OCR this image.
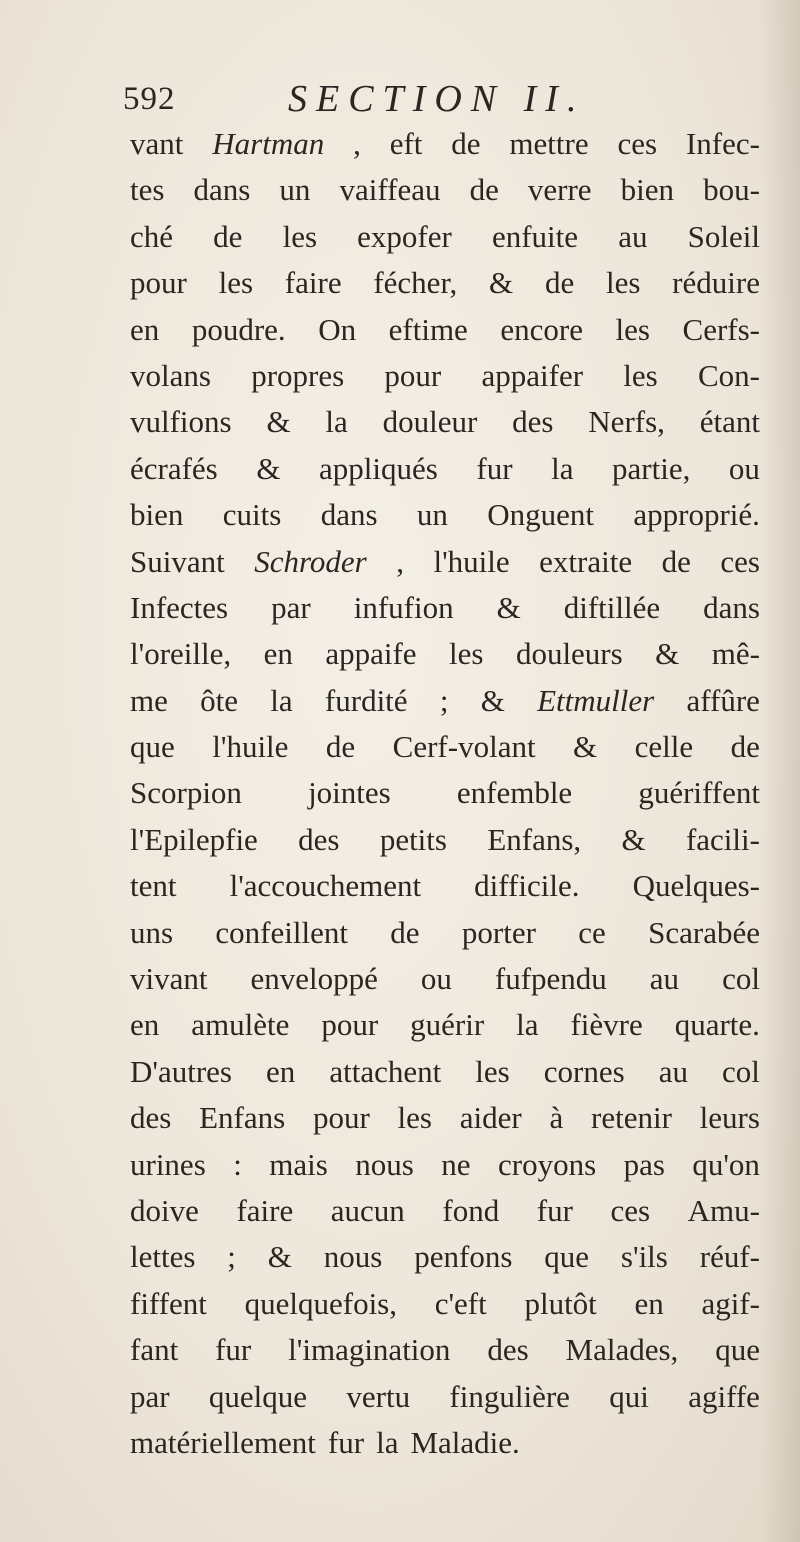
592	SECTION II.
vant Hartman , eft de mettre ces Infec-
tes dans un vaiffeau de verre bien bou-
ché de les expofer enfuite au Soleil
pour les faire fécher, & de les réduire
en poudre. On eftime encore les Cerfs-
volans propres pour appaifer les Con-
vulfions & la douleur des Nerfs, étant
écrafés & appliqués fur la partie, ou
bien cuits dans un Onguent approprié.
Suivant Schroder , l'huile extraite de ces
Infectes par infufion & diftillée dans
l'oreille, en appaife les douleurs & mê-
me ôte la furdité ; & Ettmuller affûre
que l'huile de Cerf-volant & celle de
Scorpion jointes enfemble guériffent
l'Epilepfie des petits Enfans, & facili-
tent l'accouchement difficile. Quelques-
uns confeillent de porter ce Scarabée
vivant enveloppé ou fufpendu au col
en amulète pour guérir la fièvre quarte.
D'autres en attachent les cornes au col
des Enfans pour les aider à retenir leurs
urines : mais nous ne croyons pas qu'on
doive faire aucun fond fur ces Amu-
lettes ; & nous penfons que s'ils réuf-
fiffent quelquefois, c'eft plutôt en agif-
fant fur l'imagination des Malades, que
par quelque vertu fingulière qui agiffe
matériellement fur la Maladie.
